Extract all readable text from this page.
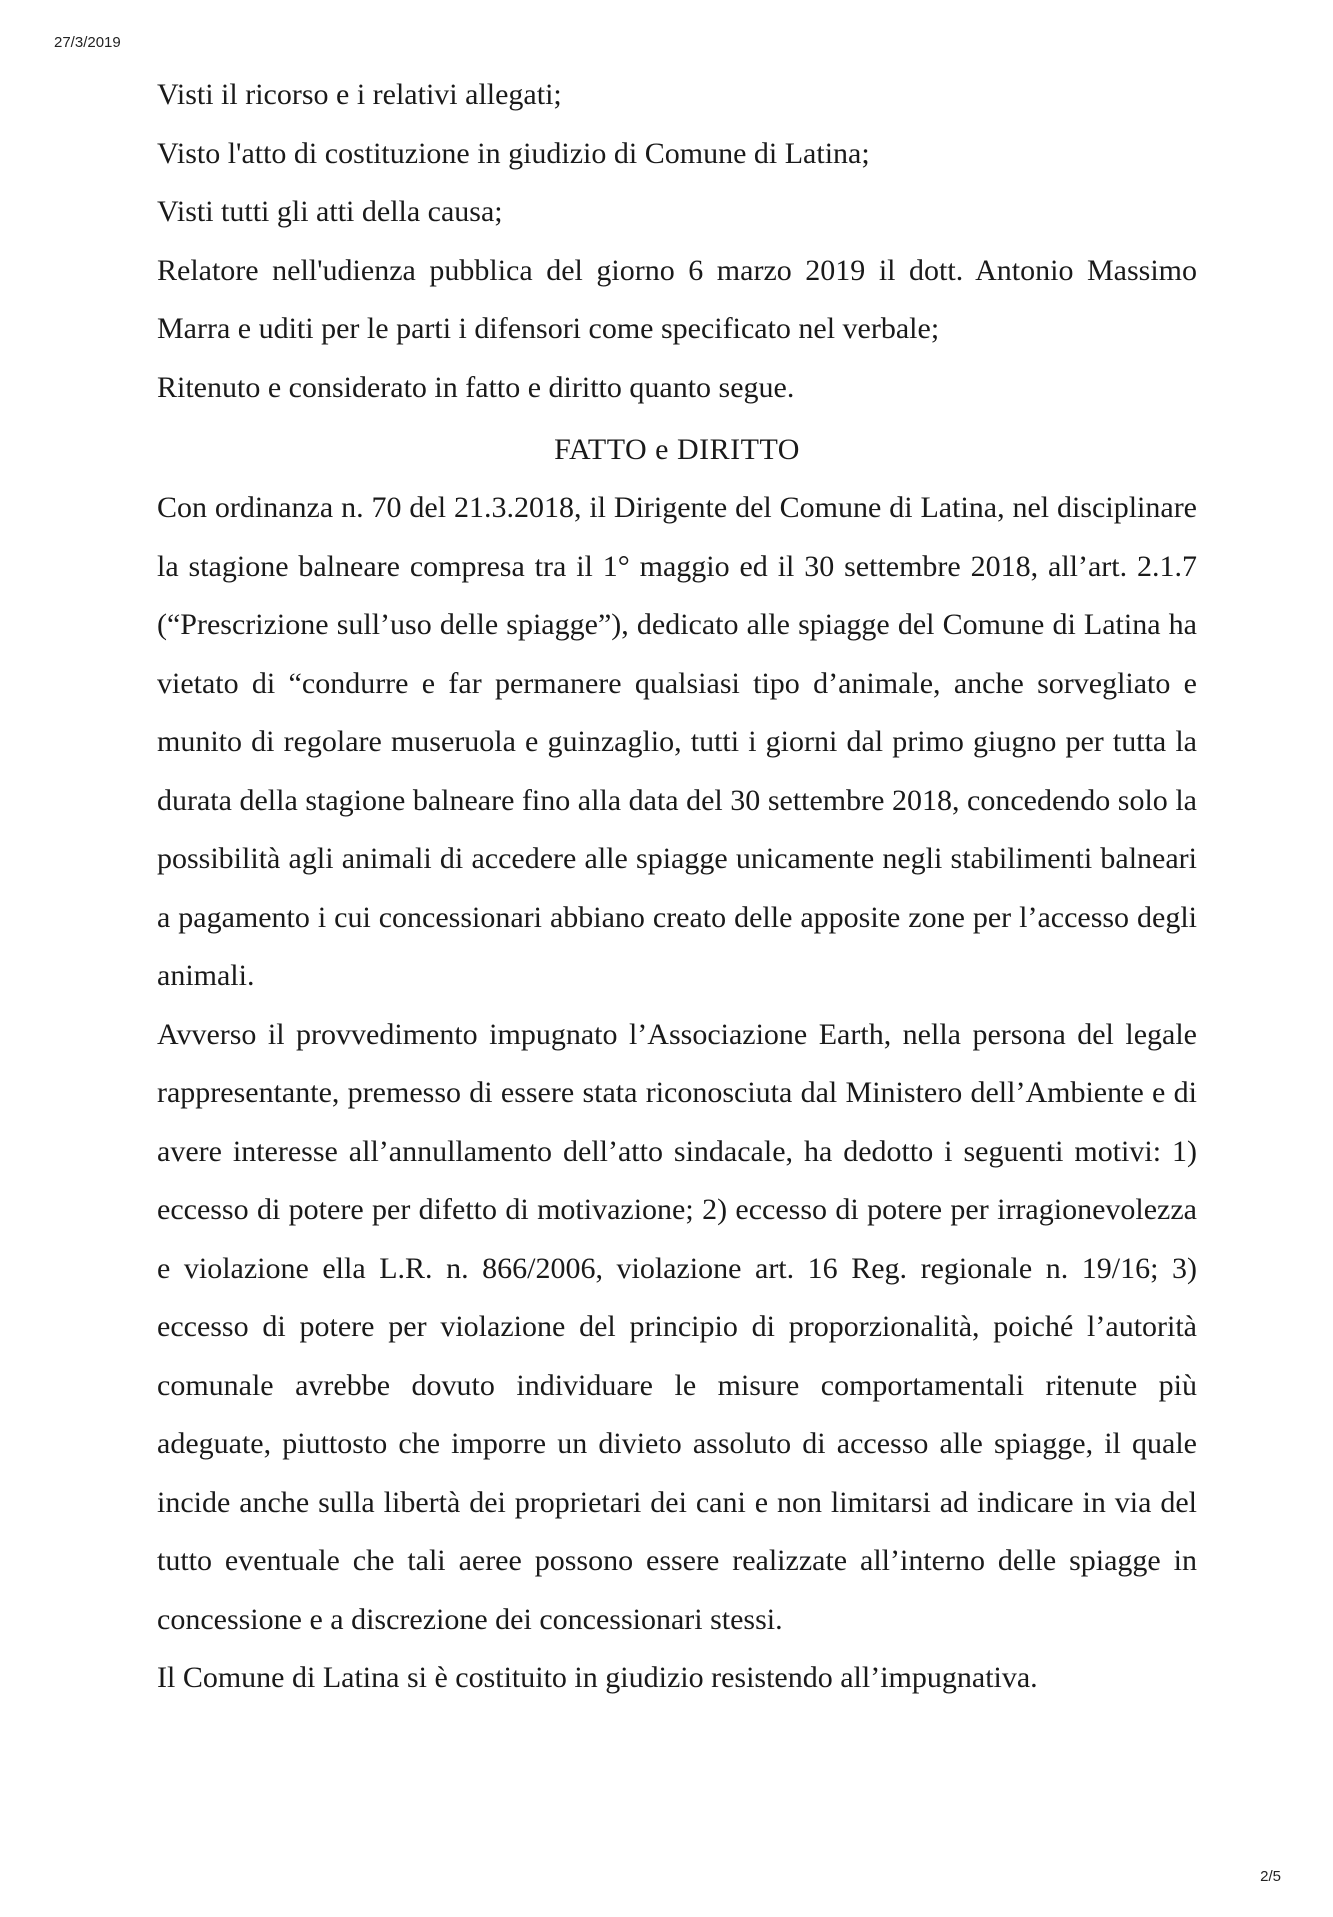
27/3/2019

Visti il ricorso e i relativi allegati;

Visto l'atto di costituzione in giudizio di Comune di Latina;

Visti tutti gli atti della causa;

Relatore nell'udienza pubblica del giorno 6 marzo 2019 il dott. Antonio Massimo Marra e uditi per le parti i difensori come specificato nel verbale;

Ritenuto e considerato in fatto e diritto quanto segue.

FATTO e DIRITTO

Con ordinanza n. 70 del 21.3.2018, il Dirigente del Comune di Latina, nel disciplinare la stagione balneare compresa tra il 1° maggio ed il 30 settembre 2018, all’art. 2.1.7 (“Prescrizione sull’uso delle spiagge”), dedicato alle spiagge del Comune di Latina ha vietato di “condurre e far permanere qualsiasi tipo d’animale, anche sorvegliato e munito di regolare museruola e guinzaglio, tutti i giorni dal primo giugno per tutta la durata della stagione balneare fino alla data del 30 settembre 2018, concedendo solo la possibilità agli animali di accedere alle spiagge unicamente negli stabilimenti balneari a pagamento i cui concessionari abbiano creato delle apposite zone per l’accesso degli animali.

Avverso il provvedimento impugnato l’Associazione Earth, nella persona del legale rappresentante, premesso di essere stata riconosciuta dal Ministero dell’Ambiente e di avere interesse all’annullamento dell’atto sindacale, ha dedotto i seguenti motivi: 1) eccesso di potere per difetto di motivazione; 2) eccesso di potere per irragionevolezza e violazione ella L.R. n. 866/2006, violazione art. 16 Reg. regionale n. 19/16; 3) eccesso di potere per violazione del principio di proporzionalità, poiché l’autorità comunale avrebbe dovuto individuare le misure comportamentali ritenute più adeguate, piuttosto che imporre un divieto assoluto di accesso alle spiagge, il quale incide anche sulla libertà dei proprietari dei cani e non limitarsi ad indicare in via del tutto eventuale che tali aeree possono essere realizzate all’interno delle spiagge in concessione e a discrezione dei concessionari stessi.

Il Comune di Latina si è costituito in giudizio resistendo all’impugnativa.

2/5
